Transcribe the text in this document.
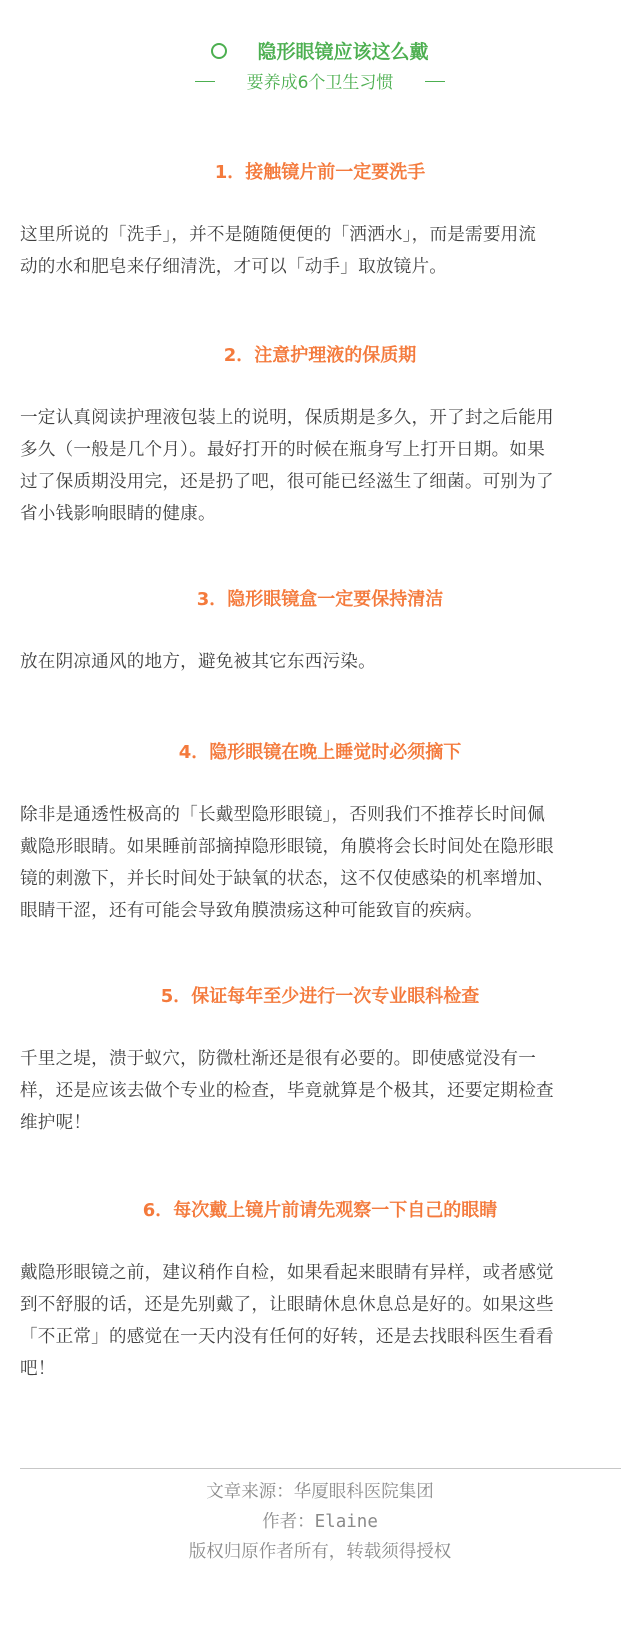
隐形眼镜应该这么戴
要养成6个卫生习惯
1．接触镜片前一定要洗手

这里所说的「洗手」，并不是随随便便的「洒洒水」，而是需要用流
动的水和肥皂来仔细清洗，才可以「动手」取放镜片。

2．注意护理液的保质期

一定认真阅读护理液包装上的说明，保质期是多久，开了封之后能用
多久（一般是几个月）。最好打开的时候在瓶身写上打开日期。如果
过了保质期没用完，还是扔了吧，很可能已经滋生了细菌。可别为了
省小钱影响眼睛的健康。

3．隐形眼镜盒一定要保持清洁

放在阴凉通风的地方，避免被其它东西污染。

4．隐形眼镜在晚上睡觉时必须摘下

除非是通透性极高的「长戴型隐形眼镜」，否则我们不推荐长时间佩
戴隐形眼睛。如果睡前部摘掉隐形眼镜，角膜将会长时间处在隐形眼
镜的刺激下，并长时间处于缺氧的状态，这不仅使感染的机率增加、
眼睛干涩，还有可能会导致角膜溃疡这种可能致盲的疾病。

5．保证每年至少进行一次专业眼科检查

千里之堤，溃于蚁穴，防微杜渐还是很有必要的。即使感觉没有一
样，还是应该去做个专业的检查，毕竟就算是个极其，还要定期检查
维护呢！

6．每次戴上镜片前请先观察一下自己的眼睛

戴隐形眼镜之前，建议稍作自检，如果看起来眼睛有异样，或者感觉
到不舒服的话，还是先别戴了，让眼睛休息休息总是好的。如果这些
「不正常」的感觉在一天内没有任何的好转，还是去找眼科医生看看
吧！

文章来源：华厦眼科医院集团
作者：Elaine
版权归原作者所有，转载须得授权
